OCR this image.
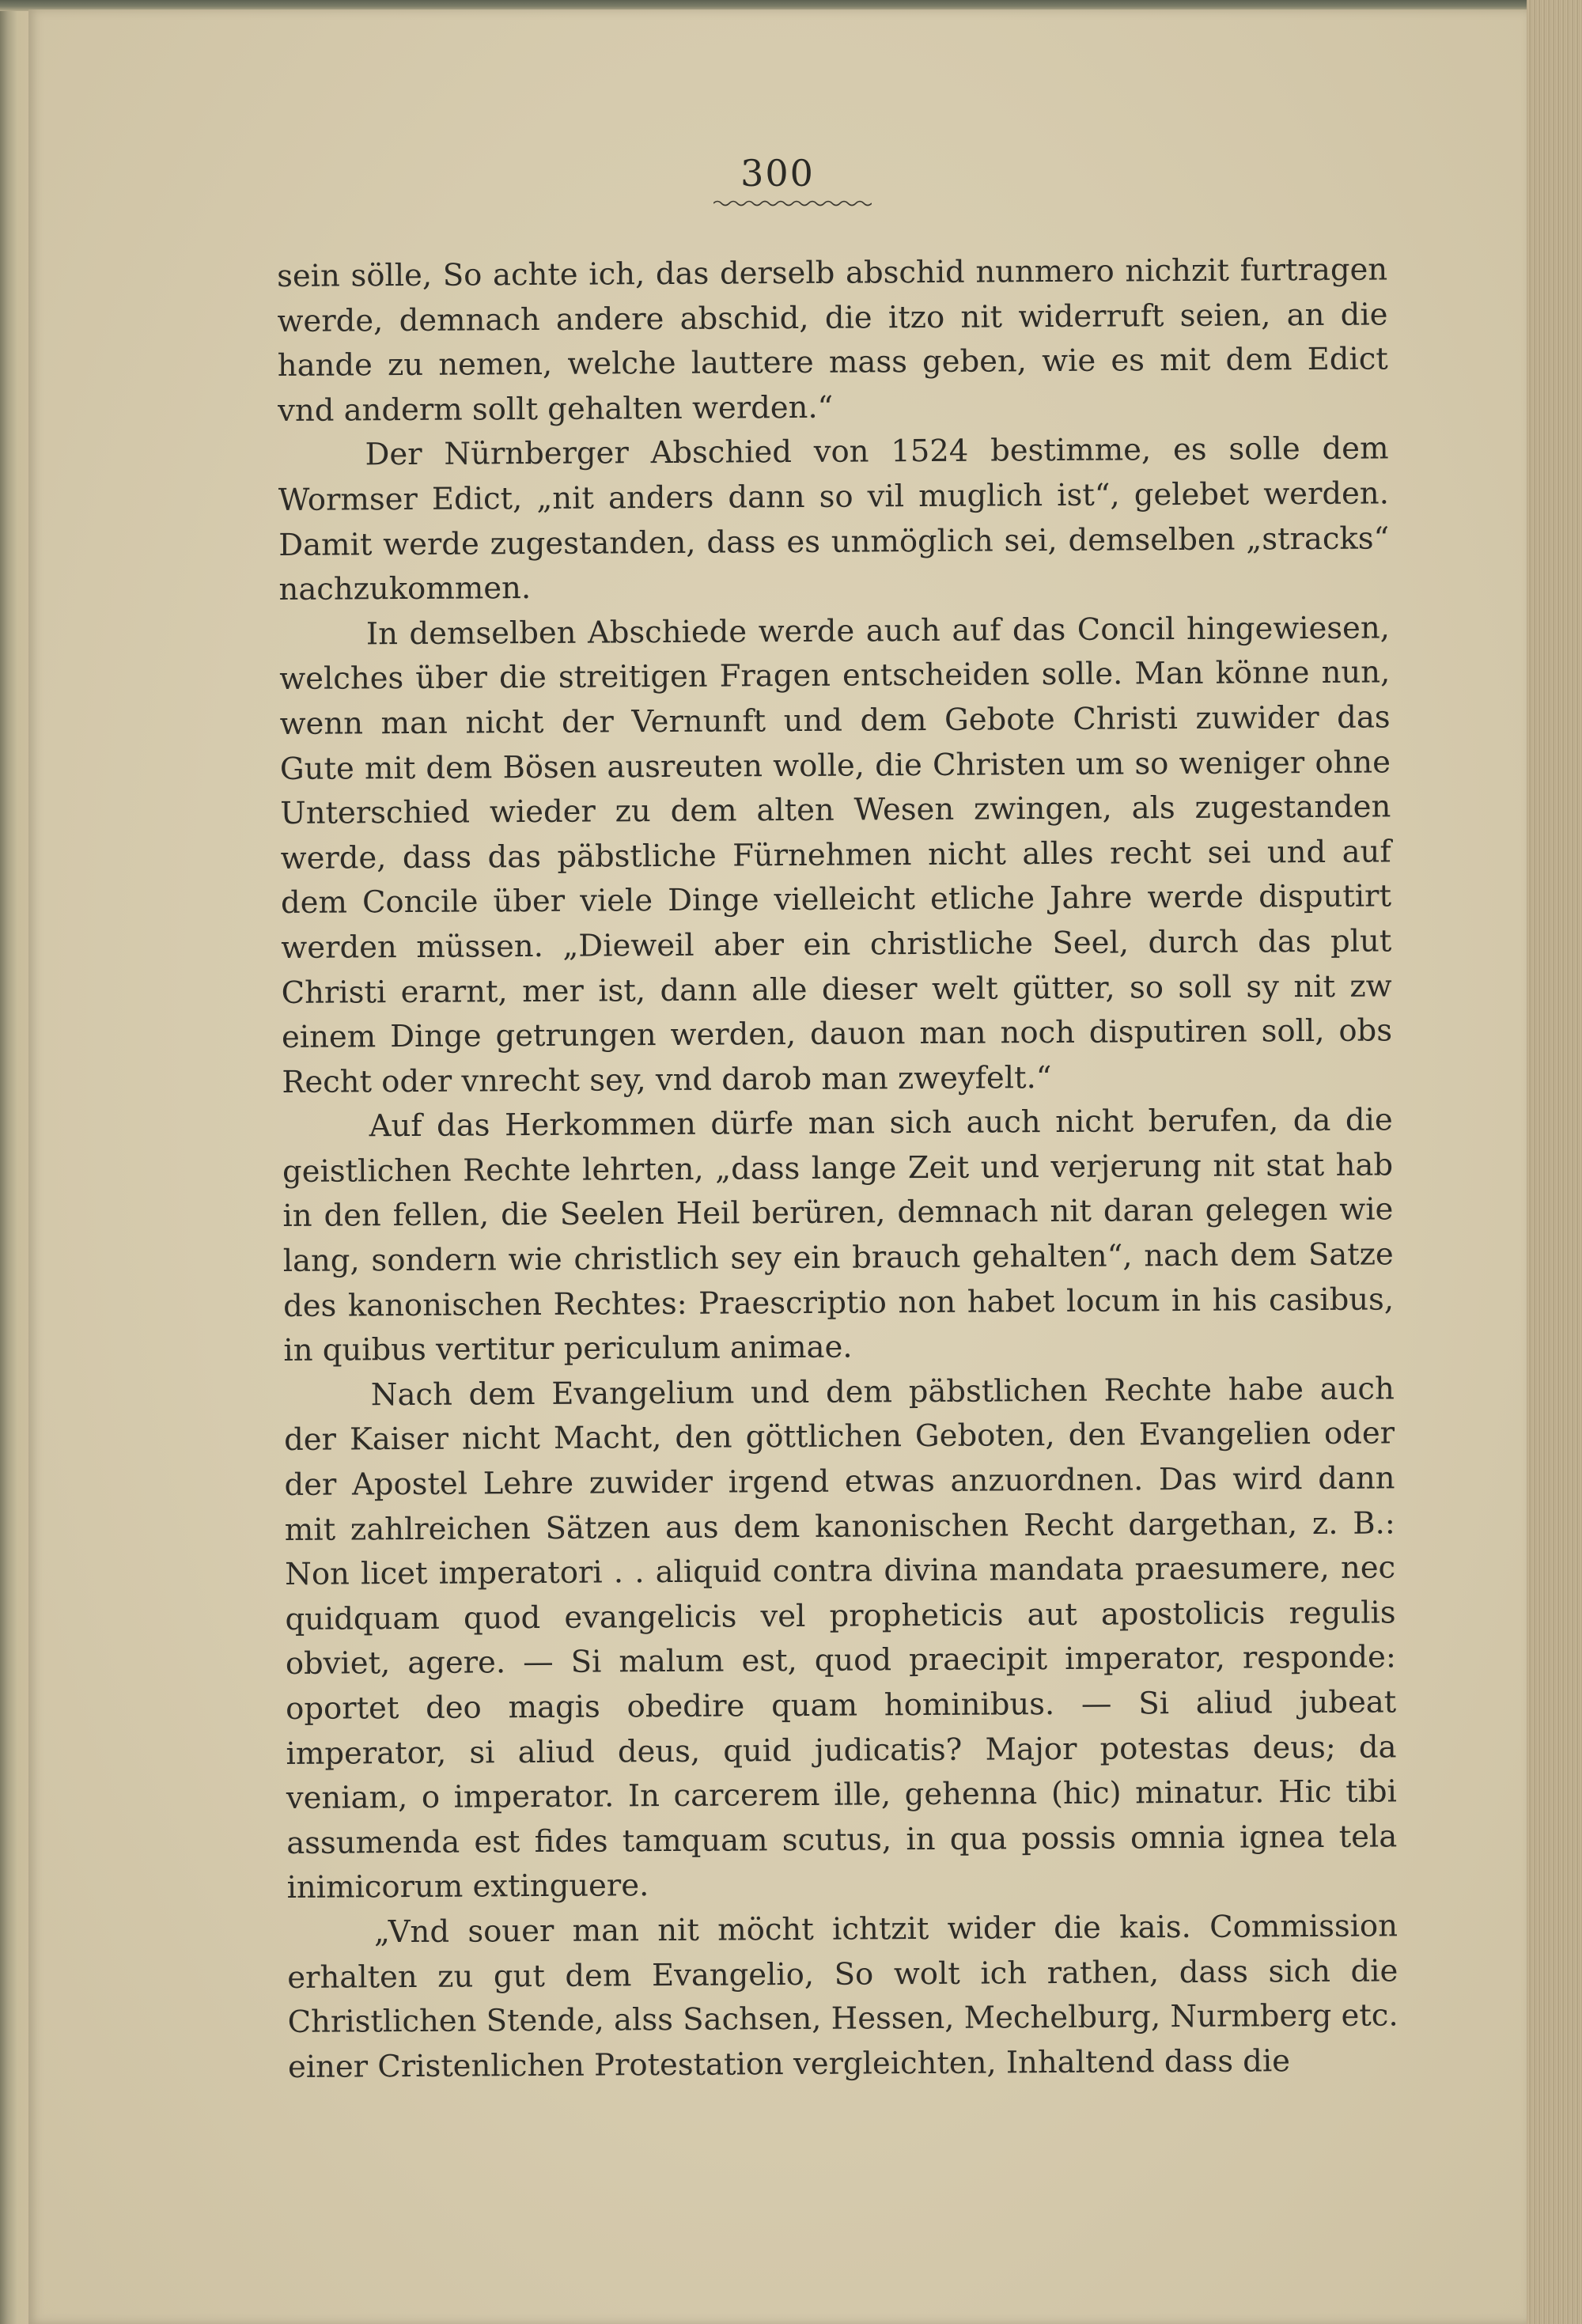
300

sein sölle, So achte ich, das derselb abschid nunmero nichzit furtragen werde, demnach andere abschid, die itzo nit widerruft seien, an die hande zu nemen, welche lauttere mass geben, wie es mit dem Edict vnd anderm sollt gehalten werden.“

Der Nürnberger Abschied von 1524 bestimme, es solle dem Wormser Edict, „nit anders dann so vil muglich ist“, gelebet werden. Damit werde zugestanden, dass es unmöglich sei, demselben „stracks“ nachzukommen.

In demselben Abschiede werde auch auf das Concil hingewiesen, welches über die streitigen Fragen entscheiden solle. Man könne nun, wenn man nicht der Vernunft und dem Gebote Christi zuwider das Gute mit dem Bösen ausreuten wolle, die Christen um so weniger ohne Unterschied wieder zu dem alten Wesen zwingen, als zugestanden werde, dass das päbstliche Fürnehmen nicht alles recht sei und auf dem Concile über viele Dinge vielleicht etliche Jahre werde disputirt werden müssen. „Dieweil aber ein christliche Seel, durch das plut Christi erarnt, mer ist, dann alle dieser welt gütter, so soll sy nit zw einem Dinge getrungen werden, dauon man noch disputiren soll, obs Recht oder vnrecht sey, vnd darob man zweyfelt.“

Auf das Herkommen dürfe man sich auch nicht berufen, da die geistlichen Rechte lehrten, „dass lange Zeit und verjerung nit stat hab in den fellen, die Seelen Heil berüren, demnach nit daran gelegen wie lang, sondern wie christlich sey ein brauch gehalten“, nach dem Satze des kanonischen Rechtes: Praescriptio non habet locum in his casibus, in quibus vertitur periculum animae.

Nach dem Evangelium und dem päbstlichen Rechte habe auch der Kaiser nicht Macht, den göttlichen Geboten, den Evangelien oder der Apostel Lehre zuwider irgend etwas anzuordnen. Das wird dann mit zahlreichen Sätzen aus dem kanonischen Recht dargethan, z. B.: Non licet imperatori . . aliquid contra divina mandata praesumere, nec quidquam quod evangelicis vel propheticis aut apostolicis regulis obviet, agere. — Si malum est, quod praecipit imperator, responde: oportet deo magis obedire quam hominibus. — Si aliud jubeat imperator, si aliud deus, quid judicatis? Major potestas deus; da veniam, o imperator. In carcerem ille, gehenna (hic) minatur. Hic tibi assumenda est fides tamquam scutus, in qua possis omnia ignea tela inimicorum extinguere.

„Vnd souer man nit möcht ichtzit wider die kais. Commission erhalten zu gut dem Evangelio, So wolt ich rathen, dass sich die Christlichen Stende, alss Sachsen, Hessen, Mechelburg, Nurmberg etc. einer Cristenlichen Protestation vergleichten, Inhaltend dass die
